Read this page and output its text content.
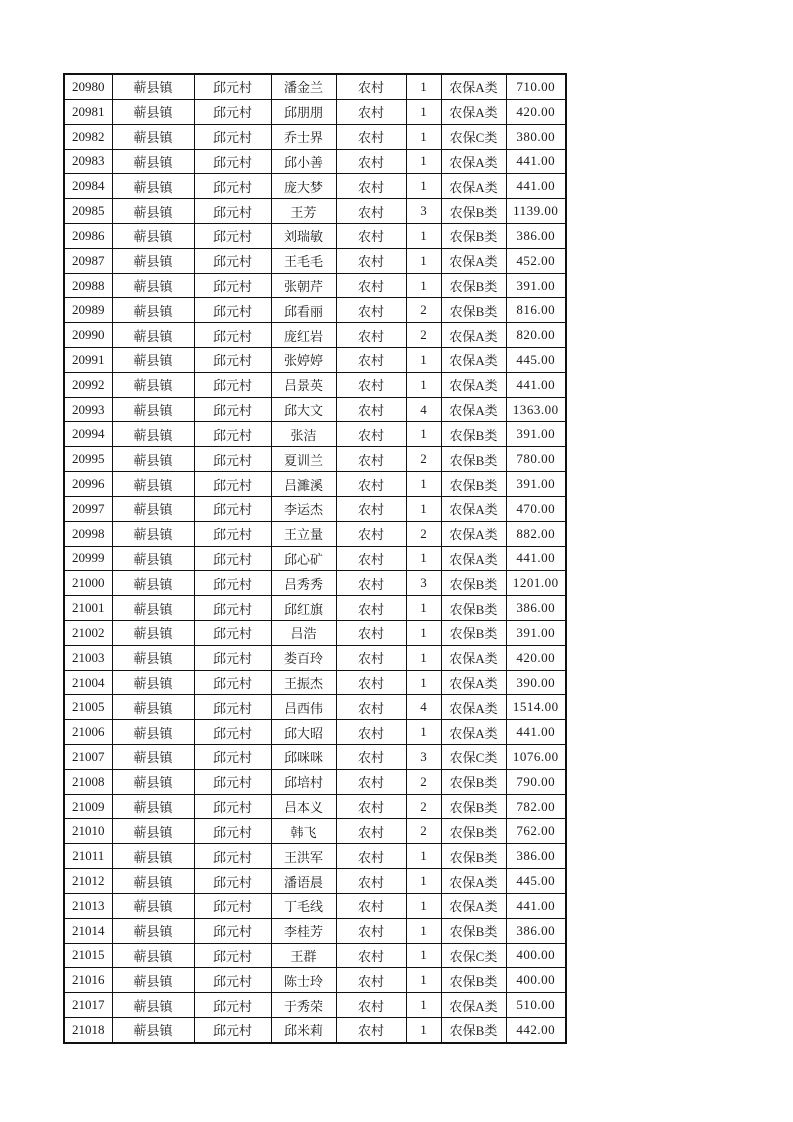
20980	蕲县镇	邱元村	潘金兰	农村	1	农保A类	710.00
20981	蕲县镇	邱元村	邱朋朋	农村	1	农保A类	420.00
20982	蕲县镇	邱元村	乔士界	农村	1	农保C类	380.00
20983	蕲县镇	邱元村	邱小善	农村	1	农保A类	441.00
20984	蕲县镇	邱元村	庞大梦	农村	1	农保A类	441.00
20985	蕲县镇	邱元村	王芳	农村	3	农保B类	1139.00
20986	蕲县镇	邱元村	刘瑞敏	农村	1	农保B类	386.00
20987	蕲县镇	邱元村	王毛毛	农村	1	农保A类	452.00
20988	蕲县镇	邱元村	张朝芹	农村	1	农保B类	391.00
20989	蕲县镇	邱元村	邱看丽	农村	2	农保B类	816.00
20990	蕲县镇	邱元村	庞红岩	农村	2	农保A类	820.00
20991	蕲县镇	邱元村	张婷婷	农村	1	农保A类	445.00
20992	蕲县镇	邱元村	吕景英	农村	1	农保A类	441.00
20993	蕲县镇	邱元村	邱大文	农村	4	农保A类	1363.00
20994	蕲县镇	邱元村	张洁	农村	1	农保B类	391.00
20995	蕲县镇	邱元村	夏训兰	农村	2	农保B类	780.00
20996	蕲县镇	邱元村	吕濉溪	农村	1	农保B类	391.00
20997	蕲县镇	邱元村	李运杰	农村	1	农保A类	470.00
20998	蕲县镇	邱元村	王立量	农村	2	农保A类	882.00
20999	蕲县镇	邱元村	邱心矿	农村	1	农保A类	441.00
21000	蕲县镇	邱元村	吕秀秀	农村	3	农保B类	1201.00
21001	蕲县镇	邱元村	邱红旗	农村	1	农保B类	386.00
21002	蕲县镇	邱元村	吕浩	农村	1	农保B类	391.00
21003	蕲县镇	邱元村	娄百玲	农村	1	农保A类	420.00
21004	蕲县镇	邱元村	王振杰	农村	1	农保A类	390.00
21005	蕲县镇	邱元村	吕西伟	农村	4	农保A类	1514.00
21006	蕲县镇	邱元村	邱大昭	农村	1	农保A类	441.00
21007	蕲县镇	邱元村	邱咪咪	农村	3	农保C类	1076.00
21008	蕲县镇	邱元村	邱培村	农村	2	农保B类	790.00
21009	蕲县镇	邱元村	吕本义	农村	2	农保B类	782.00
21010	蕲县镇	邱元村	韩飞	农村	2	农保B类	762.00
21011	蕲县镇	邱元村	王洪军	农村	1	农保B类	386.00
21012	蕲县镇	邱元村	潘语晨	农村	1	农保A类	445.00
21013	蕲县镇	邱元村	丁毛线	农村	1	农保A类	441.00
21014	蕲县镇	邱元村	李桂芳	农村	1	农保B类	386.00
21015	蕲县镇	邱元村	王群	农村	1	农保C类	400.00
21016	蕲县镇	邱元村	陈士玲	农村	1	农保B类	400.00
21017	蕲县镇	邱元村	于秀荣	农村	1	农保A类	510.00
21018	蕲县镇	邱元村	邱米莉	农村	1	农保B类	442.00
